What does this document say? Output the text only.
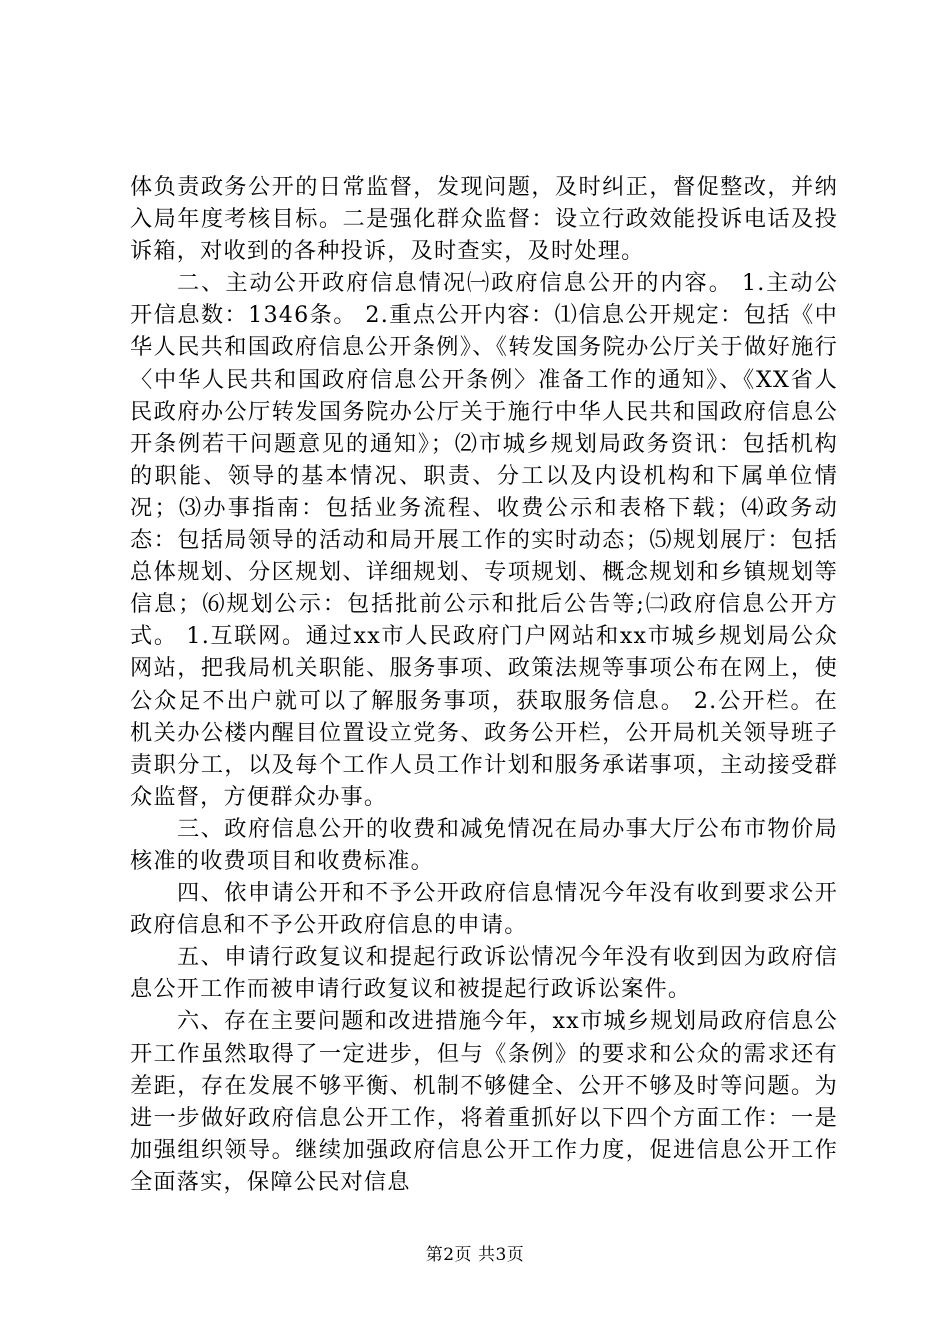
体负责政务公开的日常监督，发现问题，及时纠正，督促整改，并纳入局年度考核目标。二是强化群众监督：设立行政效能投诉电话及投诉箱，对收到的各种投诉，及时查实，及时处理。

二、主动公开政府信息情况㈠政府信息公开的内容。 1.主动公开信息数：1346条。 2.重点公开内容：⑴信息公开规定：包括《中华人民共和国政府信息公开条例》、《转发国务院办公厅关于做好施行〈中华人民共和国政府信息公开条例〉准备工作的通知》、《XX省人民政府办公厅转发国务院办公厅关于施行中华人民共和国政府信息公开条例若干问题意见的通知》；⑵市城乡规划局政务资讯：包括机构的职能、领导的基本情况、职责、分工以及内设机构和下属单位情况；⑶办事指南：包括业务流程、收费公示和表格下载；⑷政务动态：包括局领导的活动和局开展工作的实时动态；⑸规划展厅：包括总体规划、分区规划、详细规划、专项规划、概念规划和乡镇规划等信息；⑹规划公示：包括批前公示和批后公告等;㈡政府信息公开方式。 1.互联网。通过xx市人民政府门户网站和xx市城乡规划局公众网站，把我局机关职能、服务事项、政策法规等事项公布在网上，使公众足不出户就可以了解服务事项，获取服务信息。 2.公开栏。在机关办公楼内醒目位置设立党务、政务公开栏，公开局机关领导班子责职分工，以及每个工作人员工作计划和服务承诺事项，主动接受群众监督，方便群众办事。

三、政府信息公开的收费和减免情况在局办事大厅公布市物价局核准的收费项目和收费标准。

四、依申请公开和不予公开政府信息情况今年没有收到要求公开政府信息和不予公开政府信息的申请。

五、申请行政复议和提起行政诉讼情况今年没有收到因为政府信息公开工作而被申请行政复议和被提起行政诉讼案件。

六、存在主要问题和改进措施今年，xx市城乡规划局政府信息公开工作虽然取得了一定进步，但与《条例》的要求和公众的需求还有差距，存在发展不够平衡、机制不够健全、公开不够及时等问题。为进一步做好政府信息公开工作，将着重抓好以下四个方面工作：一是加强组织领导。继续加强政府信息公开工作力度，促进信息公开工作全面落实，保障公民对信息

第2页 共3页
